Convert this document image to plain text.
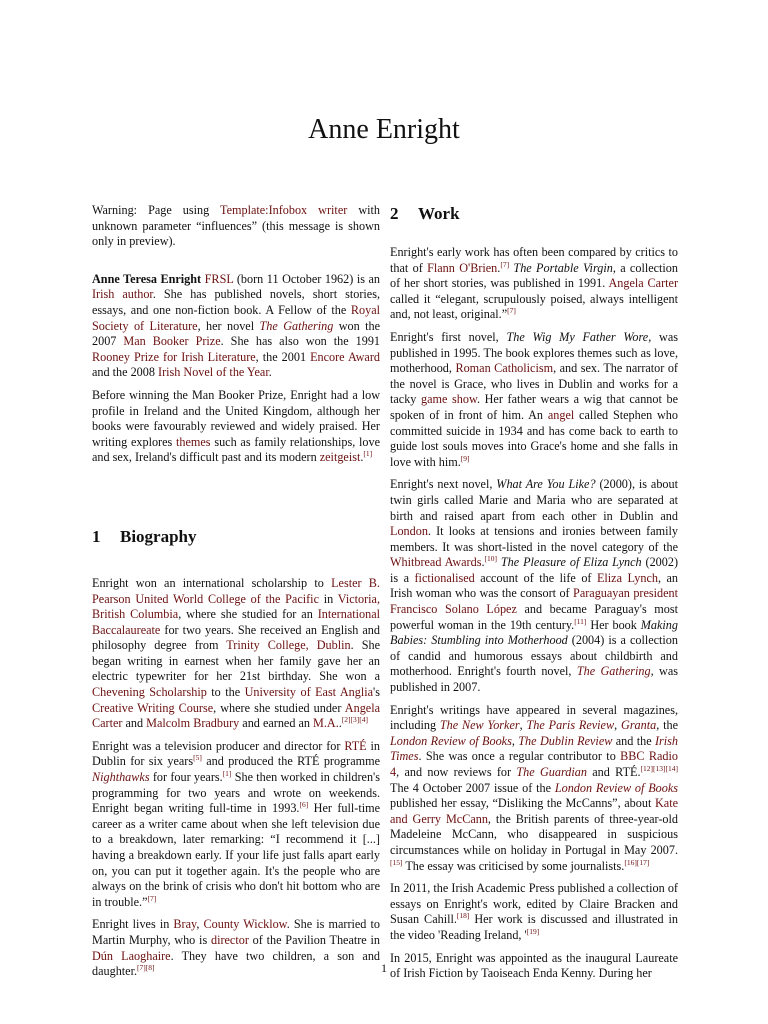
Anne Enright

Warning: Page using Template:Infobox writer with unknown parameter “influences” (this message is shown only in preview).

Anne Teresa Enright FRSL (born 11 October 1962) is an Irish author. She has published novels, short stories, essays, and one non-fiction book. A Fellow of the Royal Society of Literature, her novel The Gathering won the 2007 Man Booker Prize. She has also won the 1991 Rooney Prize for Irish Literature, the 2001 Encore Award and the 2008 Irish Novel of the Year.

Before winning the Man Booker Prize, Enright had a low profile in Ireland and the United Kingdom, although her books were favourably reviewed and widely praised. Her writing explores themes such as family relationships, love and sex, Ireland's difficult past and its modern zeitgeist.[1]

1 Biography

Enright won an international scholarship to Lester B. Pearson United World College of the Pacific in Victoria, British Columbia, where she studied for an International Baccalaureate for two years. She received an English and philosophy degree from Trinity College, Dublin. She began writing in earnest when her family gave her an electric typewriter for her 21st birthday. She won a Chevening Scholarship to the University of East Anglia's Creative Writing Course, where she studied under Angela Carter and Malcolm Bradbury and earned an M.A..[2][3][4]

Enright was a television producer and director for RTÉ in Dublin for six years[5] and produced the RTÉ programme Nighthawks for four years.[1] She then worked in children's programming for two years and wrote on weekends. Enright began writing full-time in 1993.[6] Her full-time career as a writer came about when she left television due to a breakdown, later remarking: “I recommend it [...] having a breakdown early. If your life just falls apart early on, you can put it together again. It's the people who are always on the brink of crisis who don't hit bottom who are in trouble.”[7]

Enright lives in Bray, County Wicklow. She is married to Martin Murphy, who is director of the Pavilion Theatre in Dún Laoghaire. They have two children, a son and daughter.[7][8]

2 Work

Enright's early work has often been compared by critics to that of Flann O'Brien.[7] The Portable Virgin, a collection of her short stories, was published in 1991. Angela Carter called it “elegant, scrupulously poised, always intelligent and, not least, original.”[7]

Enright's first novel, The Wig My Father Wore, was published in 1995. The book explores themes such as love, motherhood, Roman Catholicism, and sex. The narrator of the novel is Grace, who lives in Dublin and works for a tacky game show. Her father wears a wig that cannot be spoken of in front of him. An angel called Stephen who committed suicide in 1934 and has come back to earth to guide lost souls moves into Grace's home and she falls in love with him.[9]

Enright's next novel, What Are You Like? (2000), is about twin girls called Marie and Maria who are separated at birth and raised apart from each other in Dublin and London. It looks at tensions and ironies between family members. It was short-listed in the novel category of the Whitbread Awards.[10] The Pleasure of Eliza Lynch (2002) is a fictionalised account of the life of Eliza Lynch, an Irish woman who was the consort of Paraguayan president Francisco Solano López and became Paraguay's most powerful woman in the 19th century.[11] Her book Making Babies: Stumbling into Motherhood (2004) is a collection of candid and humorous essays about childbirth and motherhood. Enright's fourth novel, The Gathering, was published in 2007.

Enright's writings have appeared in several magazines, including The New Yorker, The Paris Review, Granta, the London Review of Books, The Dublin Review and the Irish Times. She was once a regular contributor to BBC Radio 4, and now reviews for The Guardian and RTÉ.[12][13][14] The 4 October 2007 issue of the London Review of Books published her essay, “Disliking the McCanns”, about Kate and Gerry McCann, the British parents of three-year-old Madeleine McCann, who disappeared in suspicious circumstances while on holiday in Portugal in May 2007.[15] The essay was criticised by some journalists.[16][17]

In 2011, the Irish Academic Press published a collection of essays on Enright's work, edited by Claire Bracken and Susan Cahill.[18] Her work is discussed and illustrated in the video 'Reading Ireland, '[19]

In 2015, Enright was appointed as the inaugural Laureate of Irish Fiction by Taoiseach Enda Kenny. During her

1
